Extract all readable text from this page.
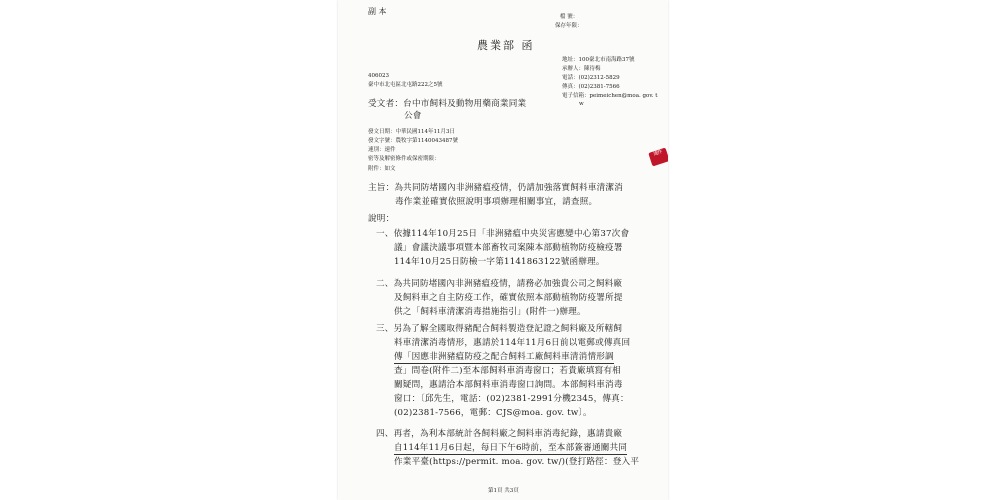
副 本
檔 號：
保存年限：
農業部 函
地址：100臺北市南海路37號
承辦人：陳待梅
電話：(02)2312-5829
傳真：(02)2381-7566
電子信箱：peimeichen@moa. gov. t
w
406023
臺中市北屯區北屯路222之5號
受文者：台中市飼料及動物用藥商業同業
公會
發文日期：中華民國114年11月3日
發文字號：農牧字第1140043487號
速別：速件
密等及解密條件或保密期限：
附件：如文
速件
主旨：為共同防堵國內非洲豬瘟疫情，仍請加強落實飼料車清潔消
毒作業並確實依照說明事項辦理相關事宜，請查照。
說明：
一、依據114年10月25日「非洲豬瘟中央災害應變中心第37次會
議」會議決議事項暨本部畜牧司案陳本部動植物防疫檢疫署
114年10月25日防檢一字第1141863122號函辦理。
二、為共同防堵國內非洲豬瘟疫情，請務必加強貴公司之飼料廠
及飼料車之自主防疫工作，確實依照本部動植物防疫署所提
供之「飼料車清潔消毒措施指引」(附件一)辦理。
三、另為了解全國取得豬配合飼料製造登記證之飼料廠及所轄飼
料車清潔消毒情形，惠請於114年11月6日前以電郵或傳真回
傳「因應非洲豬瘟防疫之配合飼料工廠飼料車清消情形調
查」問卷(附件二)至本部飼料車消毒窗口；若貴廠填寫有相
關疑問，惠請洽本部飼料車消毒窗口詢問。本部飼料車消毒
窗口：〔邱先生，電話：(02)2381-2991分機2345，傳真：
(02)2381-7566，電郵：CJS@moa. gov. tw〕。
四、再者，為利本部統計各飼料廠之飼料車消毒紀錄，惠請貴廠
自114年11月6日起，每日下午6時前，至本部簽審通關共同
作業平臺(https://permit. moa. gov. tw/)(登打路徑：登入平
第1頁 共3頁
